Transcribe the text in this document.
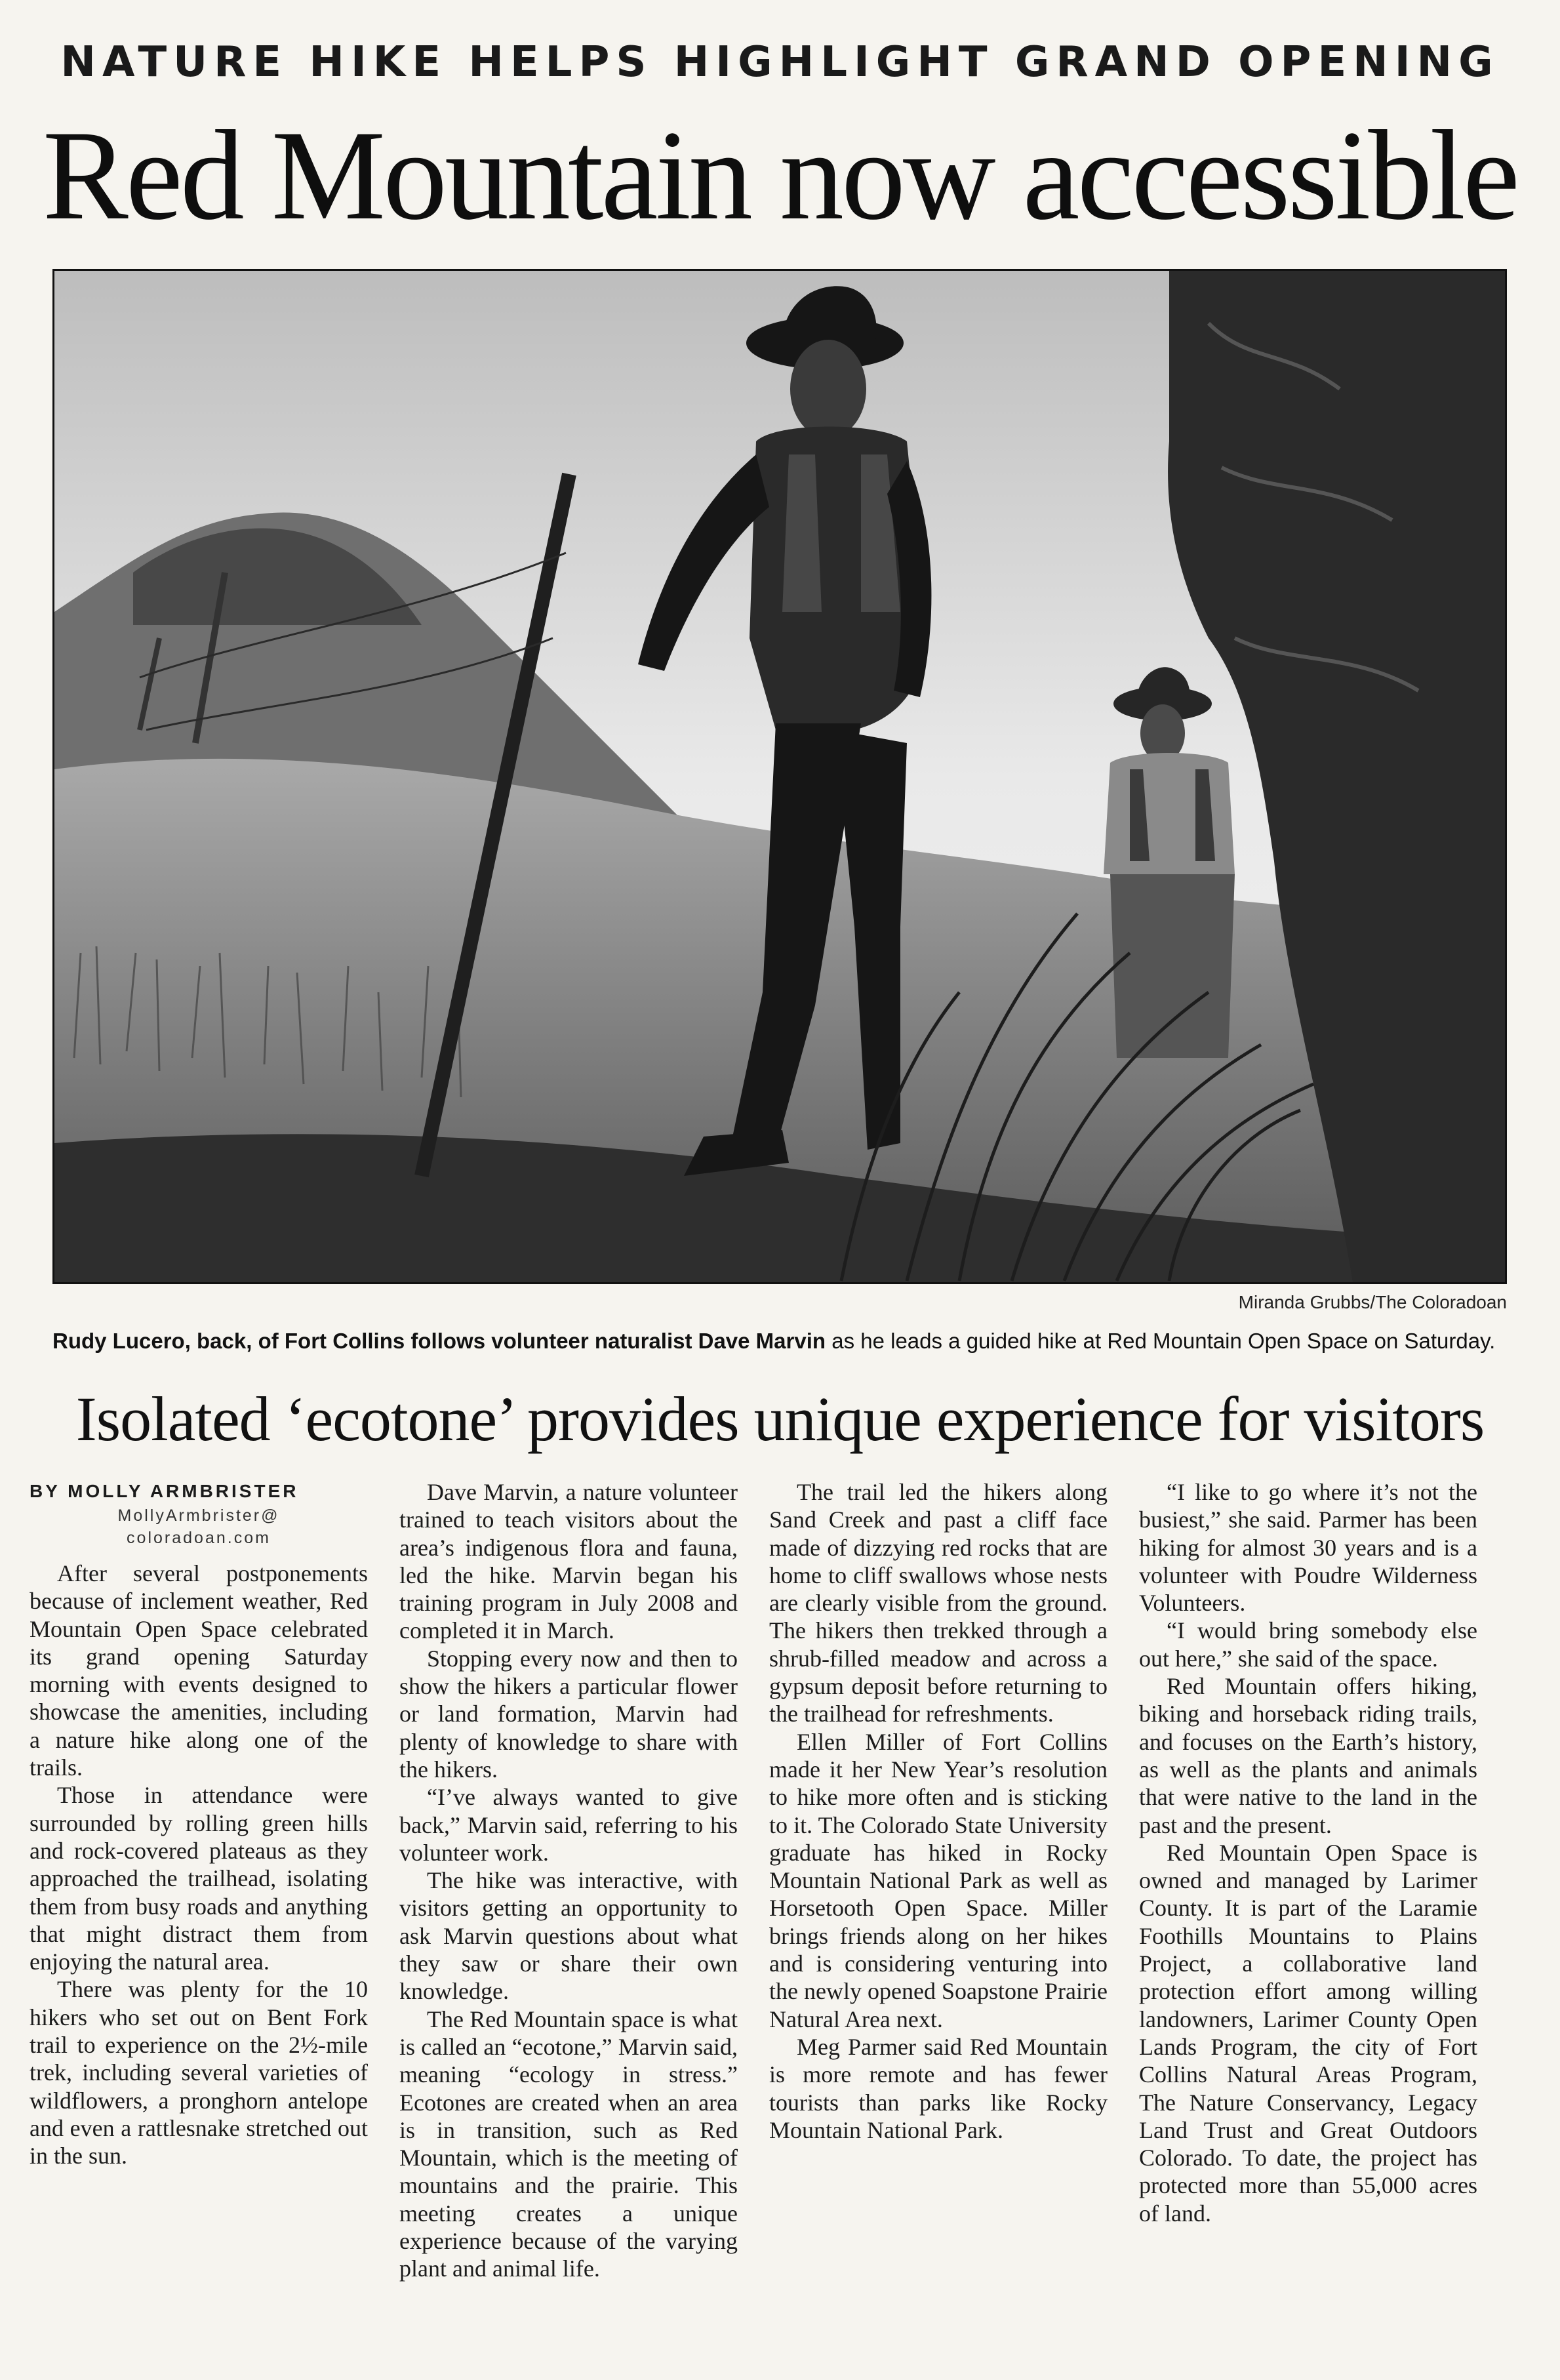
NATURE HIKE HELPS HIGHLIGHT GRAND OPENING
Red Mountain now accessible
Miranda Grubbs/The Coloradoan
Rudy Lucero, back, of Fort Collins follows volunteer naturalist Dave Marvin as he leads a guided hike at Red Mountain Open Space on Saturday.
Isolated ‘ecotone’ provides unique experience for visitors
BY MOLLY ARMBRISTER
MollyArmbrister@
coloradoan.com

After several postponements because of inclement weather, Red Mountain Open Space celebrated its grand opening Saturday morning with events designed to showcase the amenities, including a nature hike along one of the trails.

Those in attendance were surrounded by rolling green hills and rock-covered plateaus as they approached the trailhead, isolating them from busy roads and anything that might distract them from enjoying the natural area.

There was plenty for the 10 hikers who set out on Bent Fork trail to experience on the 2½-mile trek, including several varieties of wildflowers, a pronghorn antelope and even a rattlesnake stretched out in the sun.

Dave Marvin, a nature volunteer trained to teach visitors about the area’s indigenous flora and fauna, led the hike. Marvin began his training program in July 2008 and completed it in March.

Stopping every now and then to show the hikers a particular flower or land formation, Marvin had plenty of knowledge to share with the hikers.

“I’ve always wanted to give back,” Marvin said, referring to his volunteer work.

The hike was interactive, with visitors getting an opportunity to ask Marvin questions about what they saw or share their own knowledge.

The Red Mountain space is what is called an “ecotone,” Marvin said, meaning “ecology in stress.” Ecotones are created when an area is in transition, such as Red Mountain, which is the meeting of mountains and the prairie. This meeting creates a unique experience because of the varying plant and animal life.

The trail led the hikers along Sand Creek and past a cliff face made of dizzying red rocks that are home to cliff swallows whose nests are clearly visible from the ground. The hikers then trekked through a shrub-filled meadow and across a gypsum deposit before returning to the trailhead for refreshments.

Ellen Miller of Fort Collins made it her New Year’s resolution to hike more often and is sticking to it. The Colorado State University graduate has hiked in Rocky Mountain National Park as well as Horsetooth Open Space. Miller brings friends along on her hikes and is considering venturing into the newly opened Soapstone Prairie Natural Area next.

Meg Parmer said Red Mountain is more remote and has fewer tourists than parks like Rocky Mountain National Park.

“I like to go where it’s not the busiest,” she said. Parmer has been hiking for almost 30 years and is a volunteer with Poudre Wilderness Volunteers.

“I would bring somebody else out here,” she said of the space.

Red Mountain offers hiking, biking and horseback riding trails, and focuses on the Earth’s history, as well as the plants and animals that were native to the land in the past and the present.

Red Mountain Open Space is owned and managed by Larimer County. It is part of the Laramie Foothills Mountains to Plains Project, a collaborative land protection effort among willing landowners, Larimer County Open Lands Program, the city of Fort Collins Natural Areas Program, The Nature Conservancy, Legacy Land Trust and Great Outdoors Colorado. To date, the project has protected more than 55,000 acres of land.
